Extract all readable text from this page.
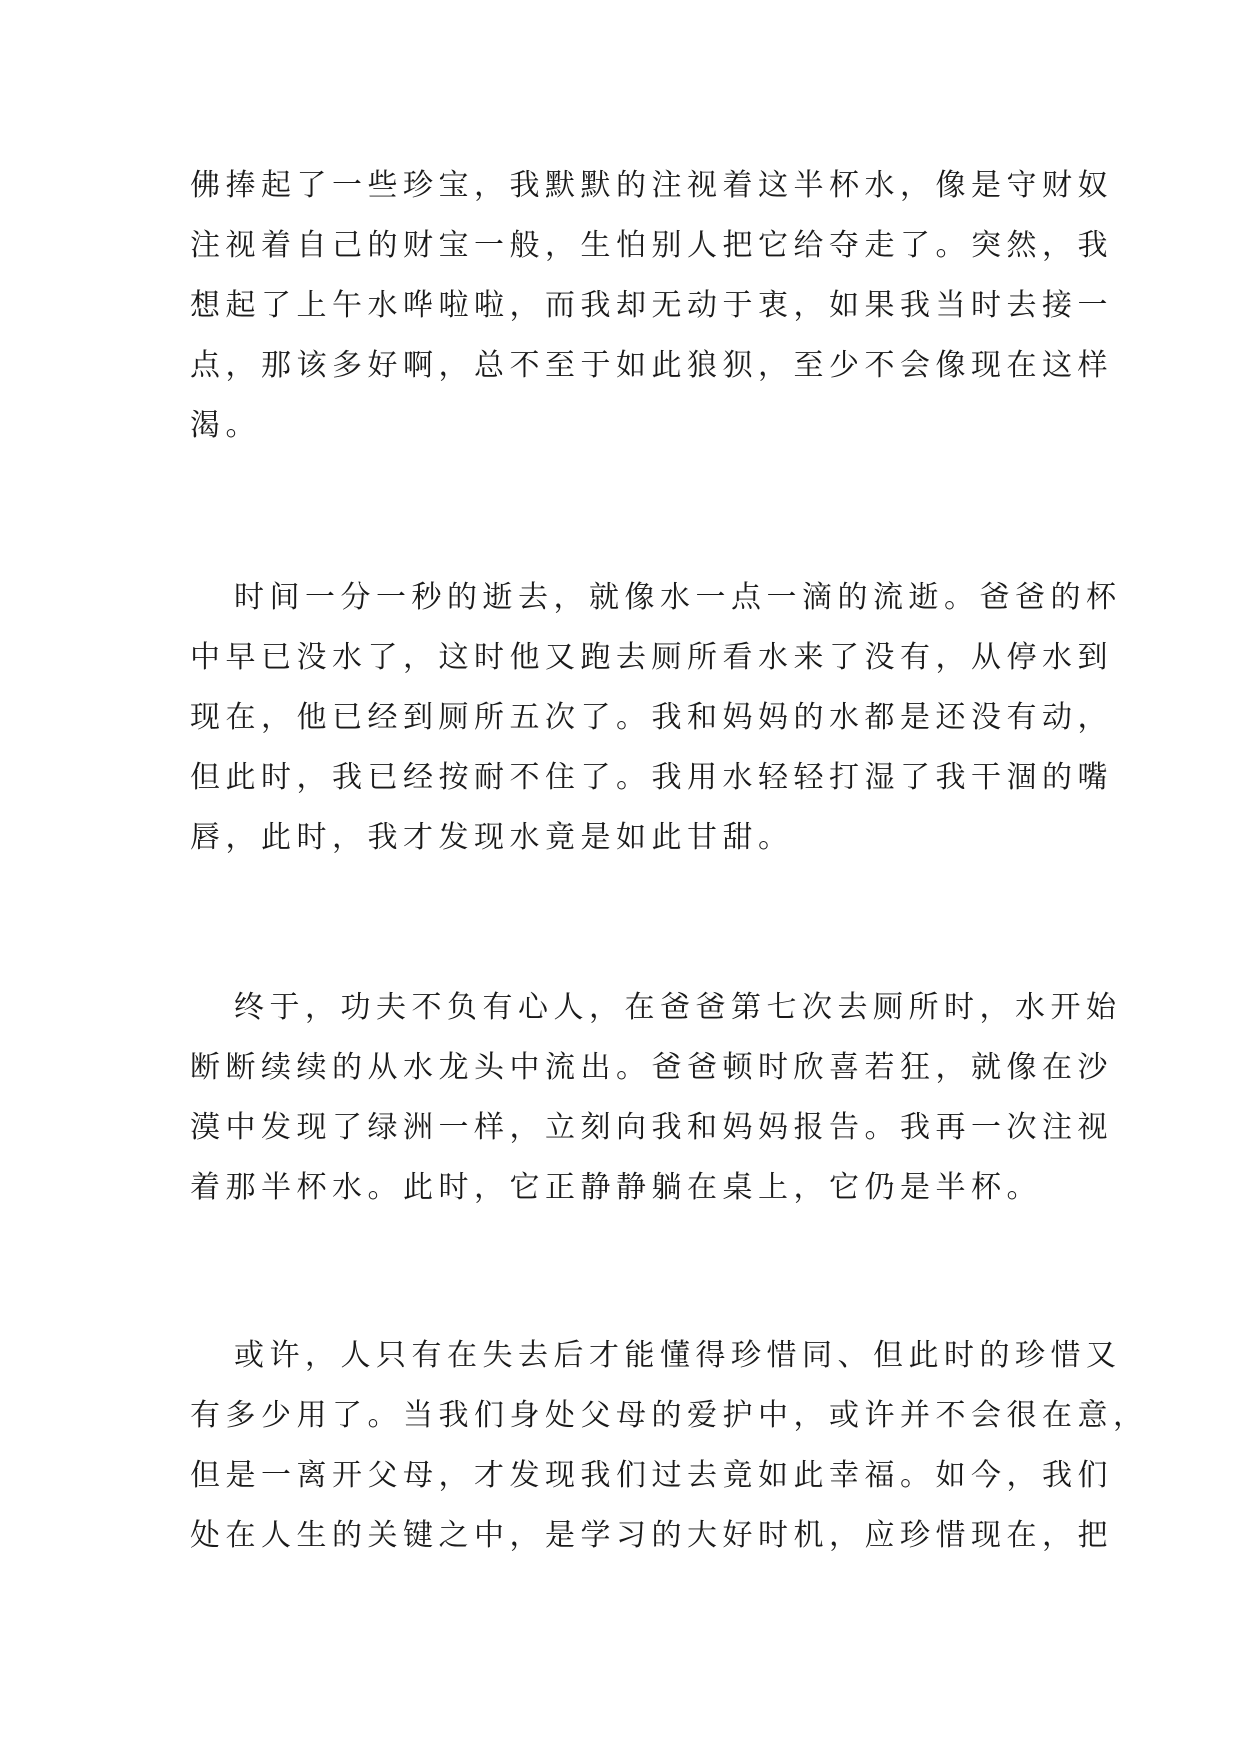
佛捧起了一些珍宝，我默默的注视着这半杯水，像是守财奴
注视着自己的财宝一般，生怕别人把它给夺走了。突然，我
想起了上午水哗啦啦，而我却无动于衷，如果我当时去接一
点，那该多好啊，总不至于如此狼狈，至少不会像现在这样
渴。
时间一分一秒的逝去，就像水一点一滴的流逝。爸爸的杯
中早已没水了，这时他又跑去厕所看水来了没有，从停水到
现在，他已经到厕所五次了。我和妈妈的水都是还没有动，
但此时，我已经按耐不住了。我用水轻轻打湿了我干涸的嘴
唇，此时，我才发现水竟是如此甘甜。
终于，功夫不负有心人，在爸爸第七次去厕所时，水开始
断断续续的从水龙头中流出。爸爸顿时欣喜若狂，就像在沙
漠中发现了绿洲一样，立刻向我和妈妈报告。我再一次注视
着那半杯水。此时，它正静静躺在桌上，它仍是半杯。
或许，人只有在失去后才能懂得珍惜同、但此时的珍惜又
有多少用了。当我们身处父母的爱护中，或许并不会很在意，
但是一离开父母，才发现我们过去竟如此幸福。如今，我们
处在人生的关键之中，是学习的大好时机，应珍惜现在，把
